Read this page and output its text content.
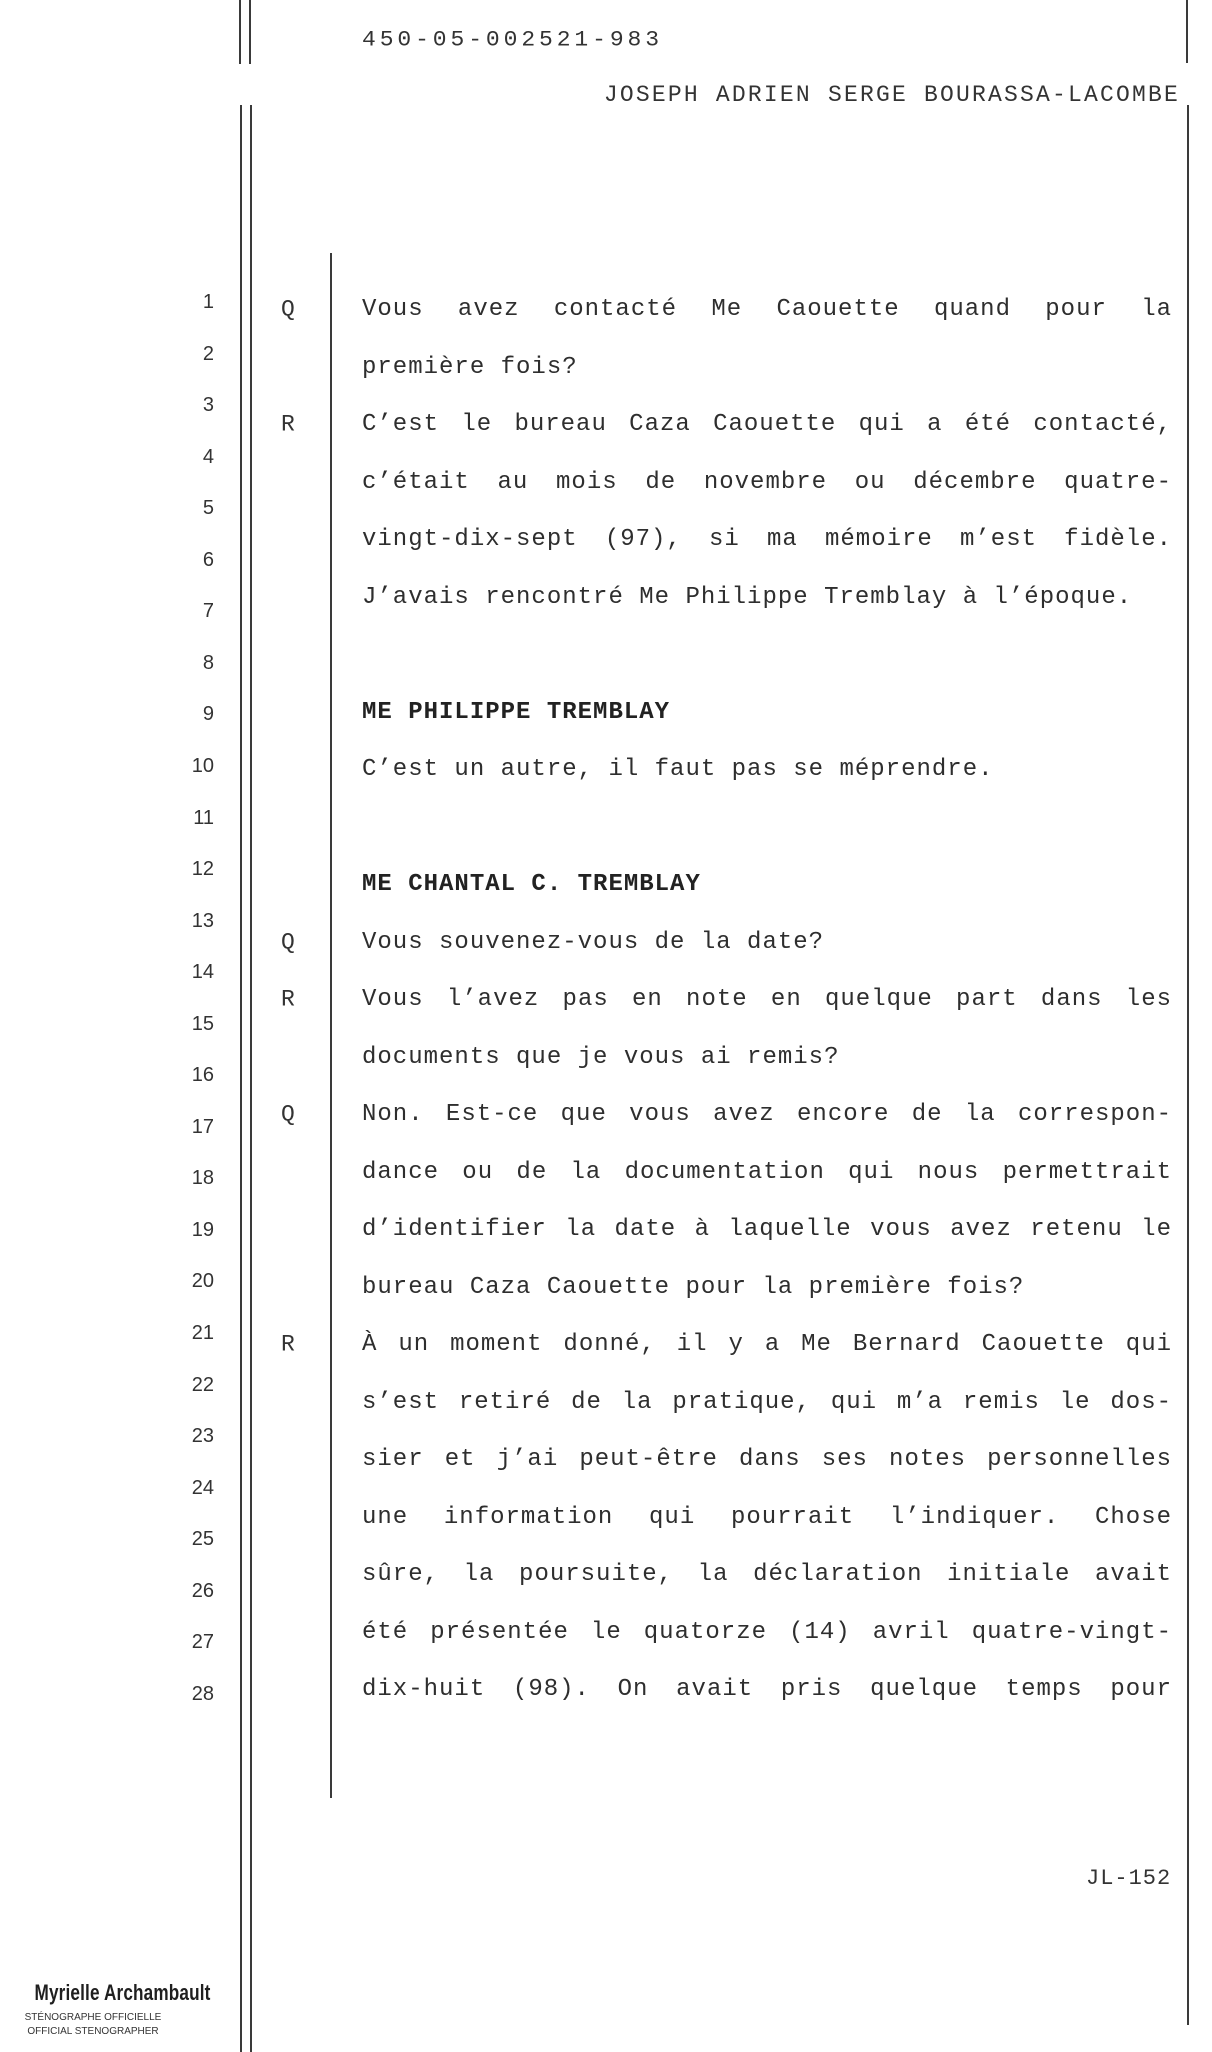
450-05-002521-983
JOSEPH ADRIEN SERGE BOURASSA-LACOMBE
1
2
3
4
5
6
7
8
9
10
11
12
13
14
15
16
17
18
19
20
21
22
23
24
25
26
27
28
Q	Vous avez contacté Me Caouette quand pour la
première fois?
R	C’est le bureau Caza Caouette qui a été contacté,
c’était au mois de novembre ou décembre quatre-
vingt-dix-sept (97), si ma mémoire m’est fidèle.
J’avais rencontré Me Philippe Tremblay à l’époque.
ME PHILIPPE TREMBLAY
C’est un autre, il faut pas se méprendre.
ME CHANTAL C. TREMBLAY
Q	Vous souvenez-vous de la date?
R	Vous l’avez pas en note en quelque part dans les
documents que je vous ai remis?
Q	Non. Est-ce que vous avez encore de la correspon-
dance ou de la documentation qui nous permettrait
d’identifier la date à laquelle vous avez retenu le
bureau Caza Caouette pour la première fois?
R	À un moment donné, il y a Me Bernard Caouette qui
s’est retiré de la pratique, qui m’a remis le dos-
sier et j’ai peut-être dans ses notes personnelles
une information qui pourrait l’indiquer. Chose
sûre, la poursuite, la déclaration initiale avait
été présentée le quatorze (14) avril quatre-vingt-
dix-huit (98). On avait pris quelque temps pour
JL-152
Myrielle Archambault
STÉNOGRAPHE OFFICIELLE
OFFICIAL STENOGRAPHER
